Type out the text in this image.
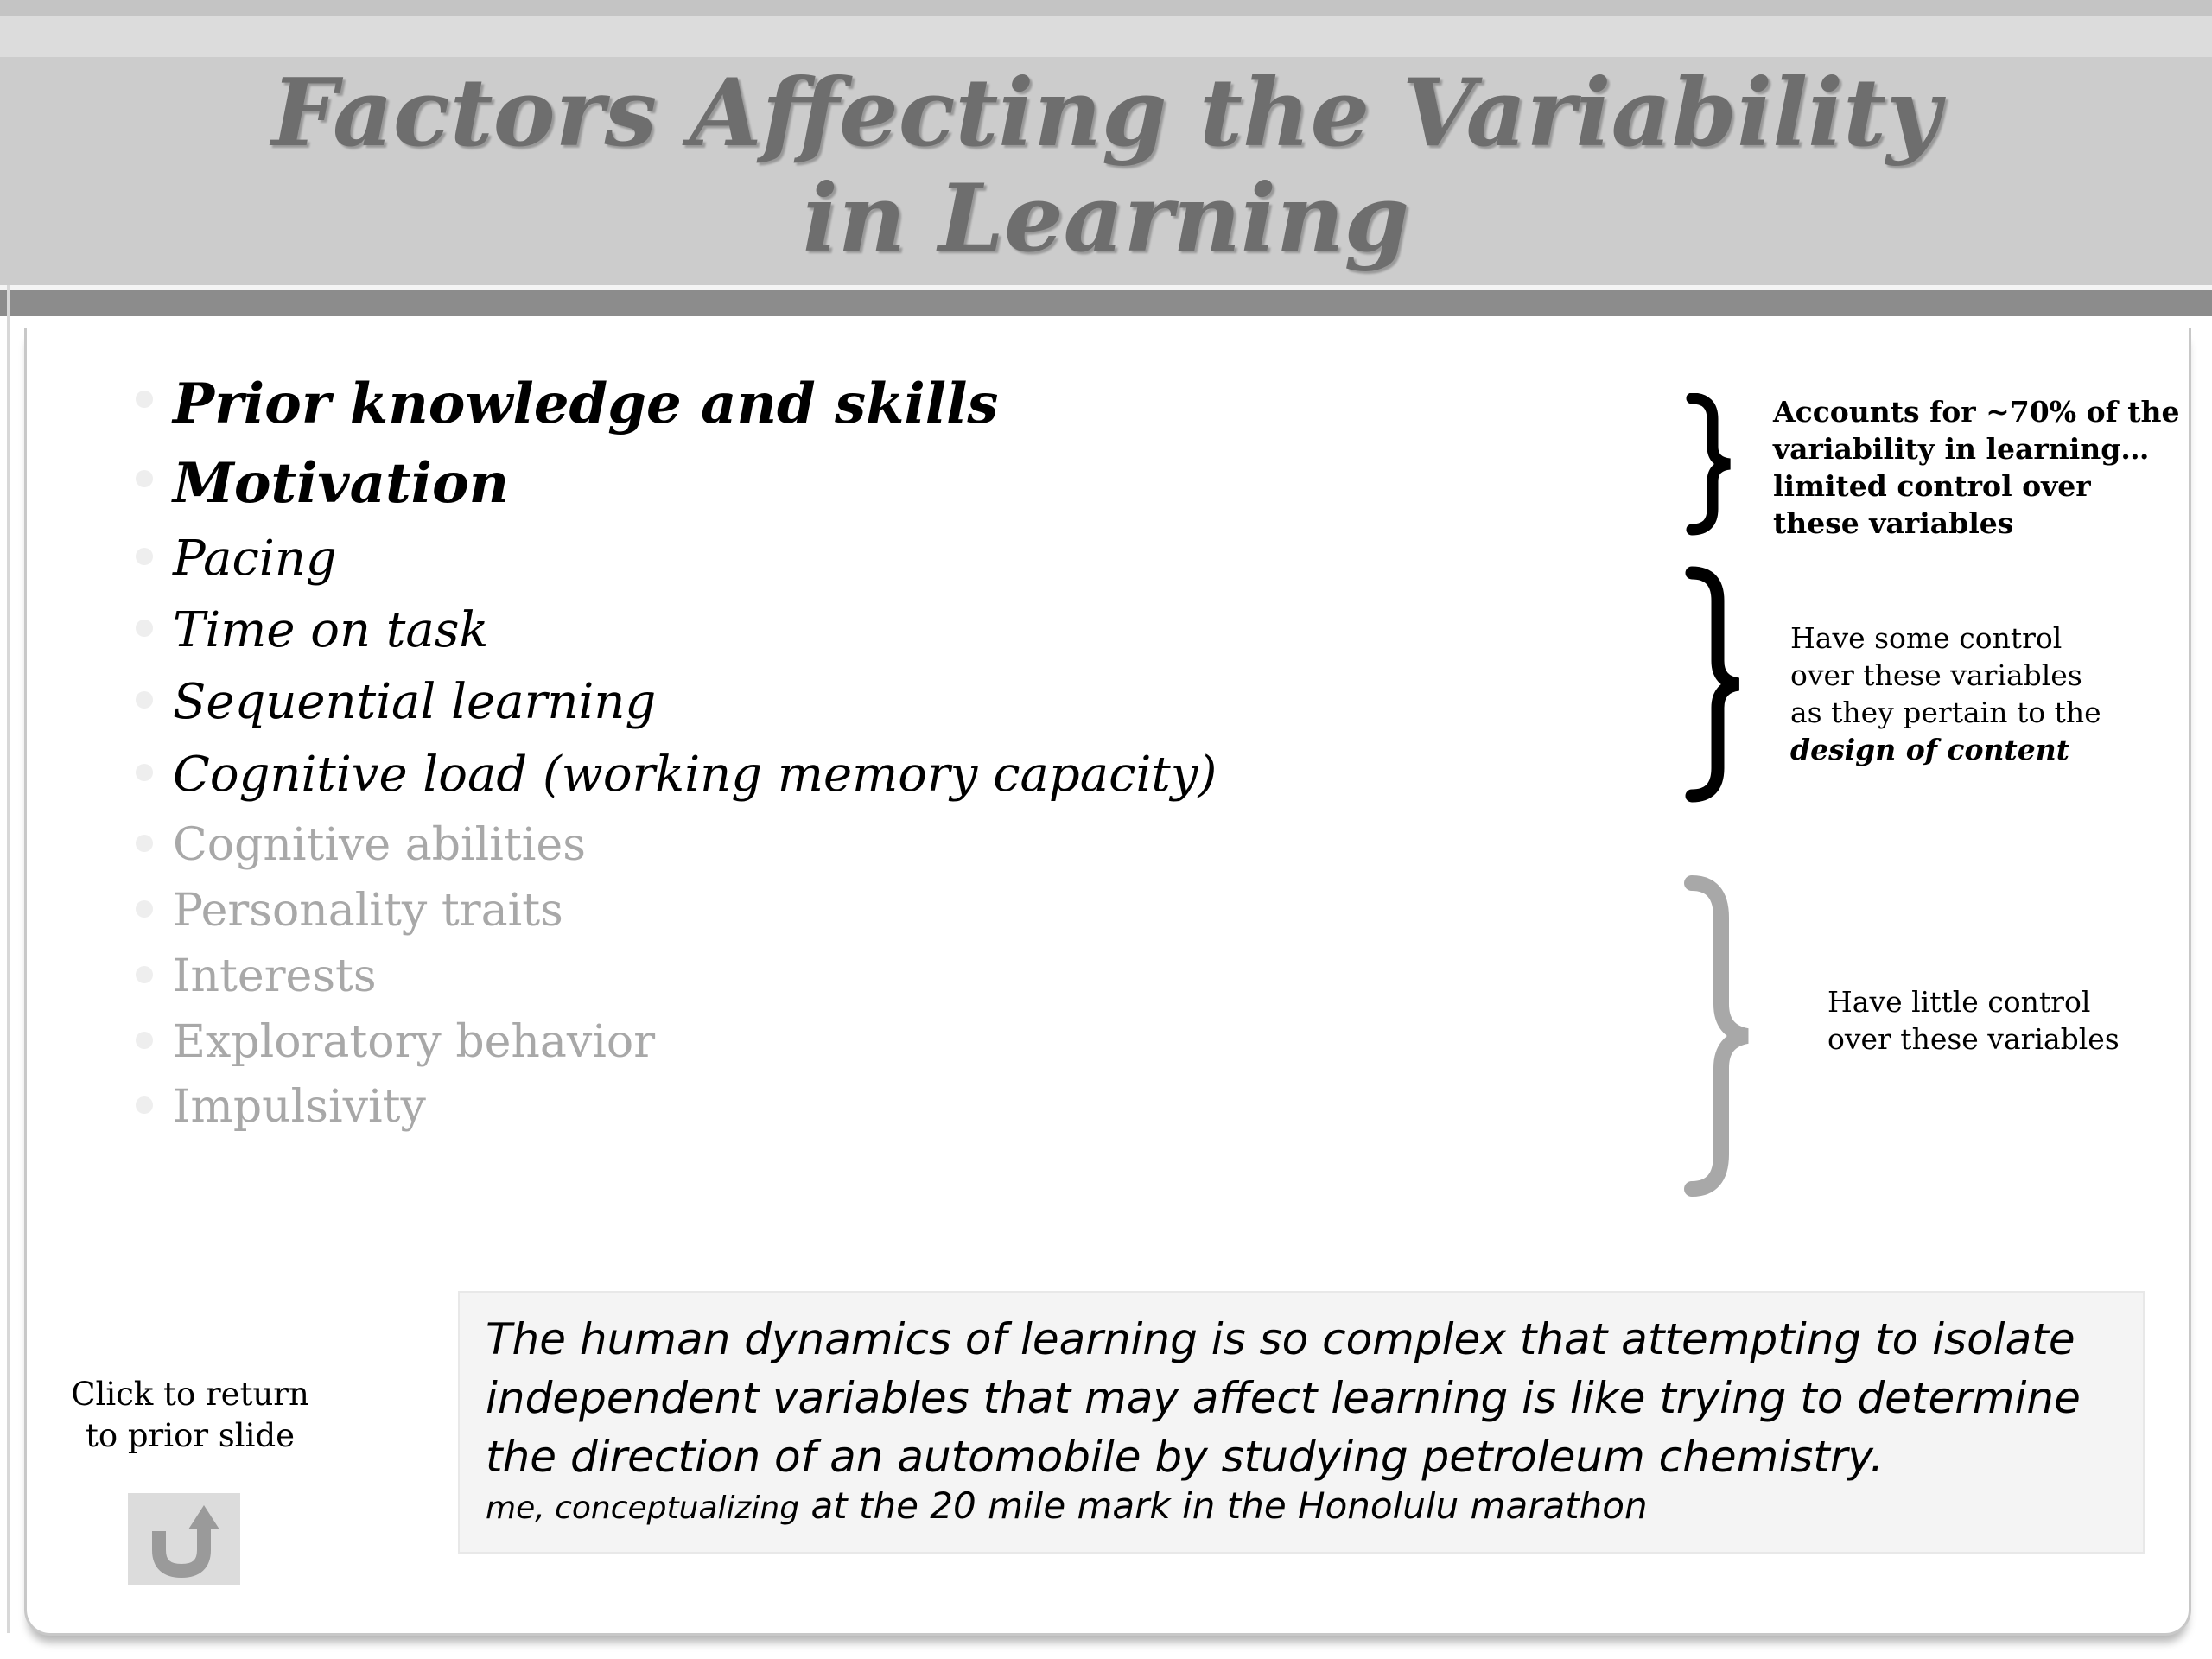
Factors Affecting the Variability
in Learning
Prior knowledge and skills
Motivation
Pacing
Time on task
Sequential learning
Cognitive load (working memory capacity)
Cognitive abilities
Personality traits
Interests
Exploratory behavior
Impulsivity
Accounts for ~70% of the
variability in learning…
limited control over
these variables
Have some control
over these variables
as they pertain to the
design of content
Have little control
over these variables

The human dynamics of learning is so complex that attempting to isolate independent variables that may affect learning is like trying to determine the direction of an automobile by studying petroleum chemistry.

me, conceptualizing at the 20 mile mark in the Honolulu marathon
Click to return
to prior slide
